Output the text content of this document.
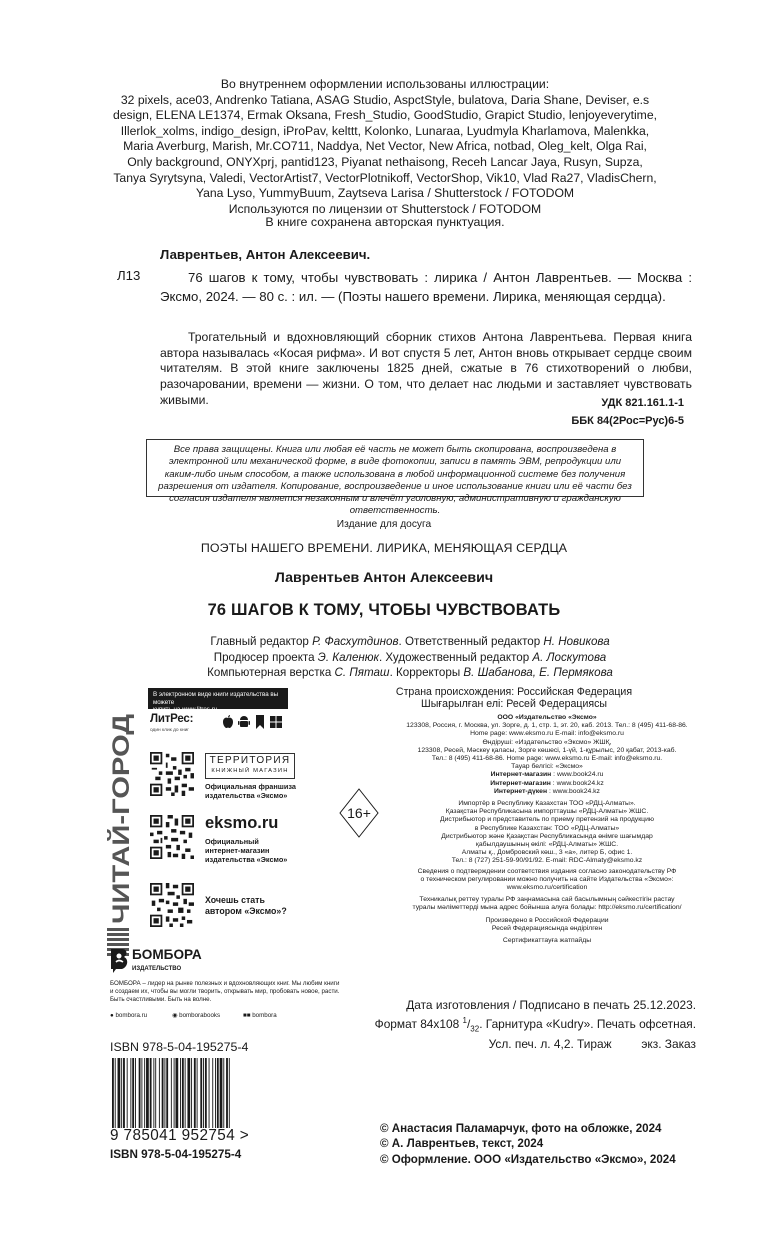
Во внутреннем оформлении использованы иллюстрации:
32 pixels, ace03, Andrenko Tatiana, ASAG Studio, AspctStyle, bulatova, Daria Shane, Deviser, e.s
design, ELENA LE1374, Ermak Oksana, Fresh_Studio, GoodStudio, Grapict Studio, lenjoyeverytime,
Illerlok_xolms, indigo_design, iProPav, kelttt, Kolonko, Lunaraa, Lyudmyla Kharlamova, Malenkka,
Maria Averburg, Marish, Mr.CO711, Naddya, Net Vector, New Africa, notbad, Oleg_kelt, Olga Rai,
Only background, ONYXprj, pantid123, Piyanat nethaisong, Receh Lancar Jaya, Rusyn, Supza,
Tanya Syrytsyna, Valedi, VectorArtist7, VectorPlotnikoff, VectorShop, Vik10, Vlad Ra27, VladisChern,
Yana Lyso, YummyBuum, Zaytseva Larisa / Shutterstock / FOTODOM
Используются по лицензии от Shutterstock / FOTODOM
В книге сохранена авторская пунктуация.
Лаврентьев, Антон Алексеевич.
Л13	76 шагов к тому, чтобы чувствовать : лирика / Антон Лаврентьев. — Москва : Эксмо, 2024. — 80 с. : ил. — (Поэты нашего времени. Лирика, меняющая сердца).
Трогательный и вдохновляющий сборник стихов Антона Лаврентьева. Первая книга автора называлась «Косая рифма». И вот спустя 5 лет, Антон вновь открывает сердце своим читателям. В этой книге заключены 1825 дней, сжатые в 76 стихотворений о любви, разочаровании, времени — жизни. О том, что делает нас людьми и заставляет чувствовать живыми.	УДК 821.161.1-1
ББК 84(2Рос=Рус)6-5
Все права защищены. Книга или любая её часть не может быть скопирована, воспроизведена в электронной или механической форме, в виде фотокопии, записи в память ЭВМ, репродукции или каким-либо иным способом, а также использована в любой информационной системе без получения разрешения от издателя. Копирование, воспроизведение и иное использование книги или её части без согласия издателя является незаконным и влечёт уголовную, административную и гражданскую ответственность.
Издание для досуга
ПОЭТЫ НАШЕГО ВРЕМЕНИ. ЛИРИКА, МЕНЯЮЩАЯ СЕРДЦА
Лаврентьев Антон Алексеевич
76 ШАГОВ К ТОМУ, ЧТОБЫ ЧУВСТВОВАТЬ
Главный редактор Р. Фасхутдинов. Ответственный редактор Н. Новикова
Продюсер проекта Э. Каленюк. Художественный редактор А. Лоскутова
Компьютерная верстка С. Пяташ. Корректоры В. Шабанова, Е. Пермякова
ЧИТАЙ-ГОРОД
В электронном виде книги издательства вы можете
купить на www.litres.ru
ЛитРес:
один клик до книг
ТЕРРИТОРИЯ
КНИЖНЫЙ МАГАЗИН
Официальная франшиза
издательства «Эксмо»
eksmo.ru
Официальный
интернет-магазин
издательства «Эксмо»
Хочешь стать
автором «Эксмо»?
БОМБОРА
ИЗДАТЕЛЬСТВО
БОМБОРА – лидер на рынке полезных и вдохновляющих книг. Мы любим книги и создаем их, чтобы вы могли творить, открывать мир, пробовать новое, расти. Быть счастливыми. Быть на волне.
● bombora.ru	◉ bomborabooks	■■ bombora
ISBN 978-5-04-195275-4
9 785041 952754 >
ISBN 978-5-04-195275-4
Страна происхождения: Российская Федерация
Шығарылған елі: Ресей Федерациясы
16+
ООО «Издательство «Эксмо»
123308, Россия, г. Москва, ул. Зорге, д. 1, стр. 1, эт. 20, каб. 2013. Тел.: 8 (495) 411-68-86.
Home page: www.eksmo.ru E-mail: info@eksmo.ru
Өндіруші: «Издательство «Эксмо» ЖШҚ,
123308, Ресей, Мәскеу қаласы, Зорге көшесі, 1-үй, 1-құрылыс, 20 қабат, 2013-каб.
Тел.: 8 (495) 411-68-86. Home page: www.eksmo.ru E-mail: info@eksmo.ru.
Тауар белгісі: «Эксмо»
Интернет-магазин : www.book24.ru
Интернет-магазин : www.book24.kz
Интернет-дүкен : www.book24.kz
Импортёр в Республику Казахстан ТОО «РДЦ-Алматы».
Қазақстан Республикасына импорттаушы «РДЦ-Алматы» ЖШС.
Дистрибьютор и представитель по приему претензий на продукцию
в Республике Казахстан: ТОО «РДЦ-Алматы»
Дистрибьютор және Қазақстан Республикасында өнімге шағымдар
қабылдаушының өкілі: «РДЦ-Алматы» ЖШС.
Алматы қ., Домбровский көш., 3 «а», литер Б, офис 1.
Тел.: 8 (727) 251-59-90/91/92. E-mail: RDC-Almaty@eksmo.kz
Сведения о подтверждении соответствия издания согласно законодательству РФ
о техническом регулировании можно получить на сайте Издательства «Эксмо»:
www.eksmo.ru/certification
Техникалық реттеу туралы РФ заңнамасына сай басылымның сәйкестігін растау
туралы мәліметтерді мына адрес бойынша алуға болады: http://eksmo.ru/certification/
Произведено в Российской Федерации
Ресей Федерациясында өндірілген
Сертификаттауға жатпайды
Дата изготовления / Подписано в печать 25.12.2023.
Формат 84х108 $^1/_{32}$. Гарнитура «Kudry». Печать офсетная.
Усл. печ. л. 4,2. Тираж         экз. Заказ
© Анастасия Паламарчук, фото на обложке, 2024
© А. Лаврентьев, текст, 2024
© Оформление. ООО «Издательство «Эксмо», 2024
